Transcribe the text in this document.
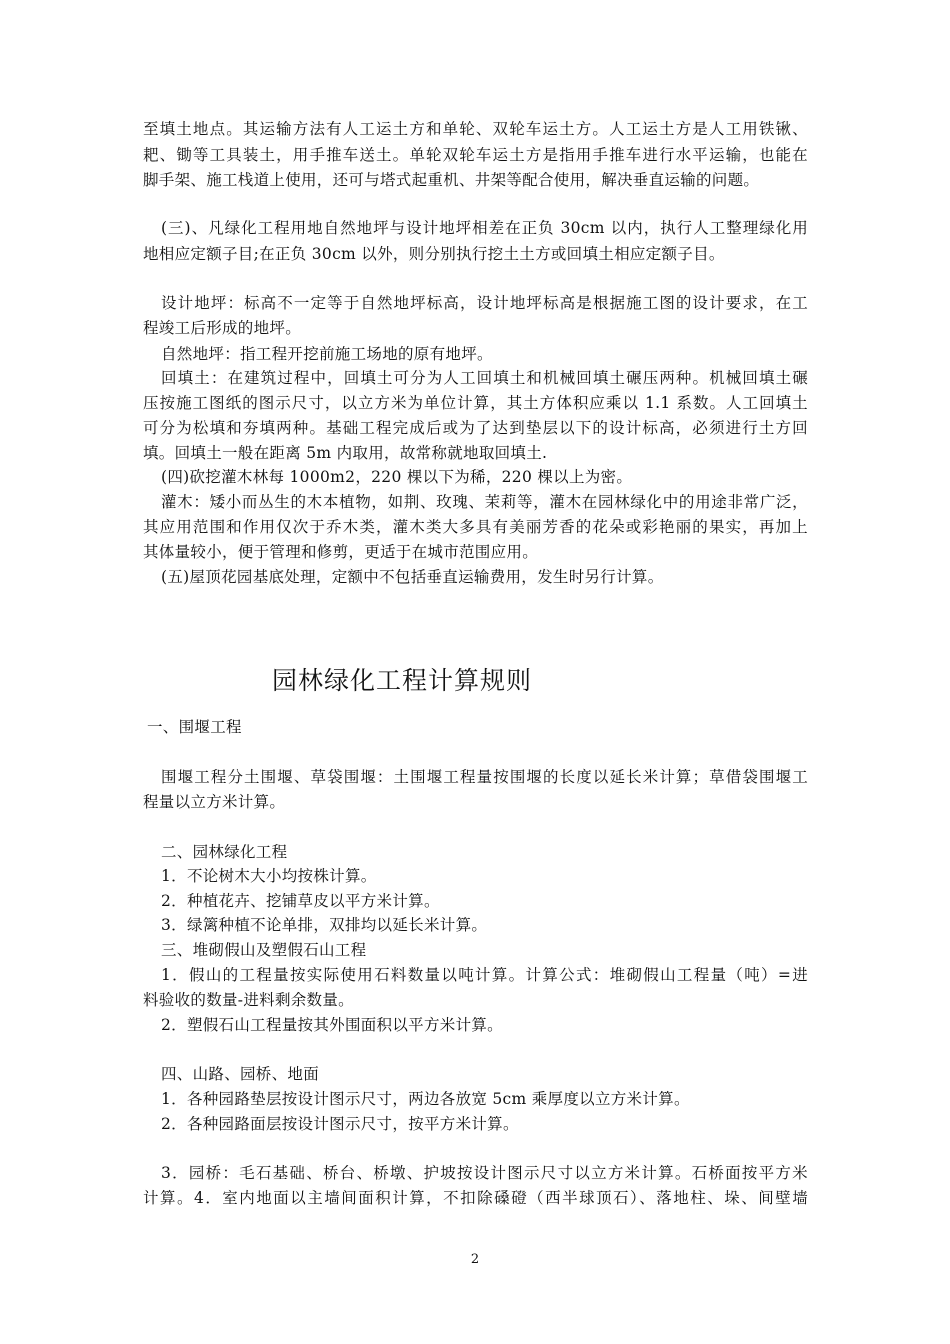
至填土地点。其运输方法有人工运土方和单轮、双轮车运土方。人工运土方是人工用铁锹、
耙、锄等工具装土，用手推车送土。单轮双轮车运土方是指用手推车进行水平运输，也能在
脚手架、施工栈道上使用，还可与塔式起重机、井架等配合使用，解决垂直运输的问题。
(三)、凡绿化工程用地自然地坪与设计地坪相差在正负 30cm 以内，执行人工整理绿化用
地相应定额子目;在正负 30cm 以外，则分别执行挖土土方或回填土相应定额子目。
设计地坪：标高不一定等于自然地坪标高，设计地坪标高是根据施工图的设计要求，在工
程竣工后形成的地坪。
自然地坪：指工程开挖前施工场地的原有地坪。
回填土：在建筑过程中，回填土可分为人工回填土和机械回填土碾压两种。机械回填土碾
压按施工图纸的图示尺寸，以立方米为单位计算，其土方体积应乘以 1.1 系数。人工回填土
可分为松填和夯填两种。基础工程完成后或为了达到垫层以下的设计标高，必须进行土方回
填。回填土一般在距离 5m 内取用，故常称就地取回填土.
(四)砍挖灌木林每 1000m2，220 棵以下为稀，220 棵以上为密。
灌木：矮小而丛生的木本植物，如荆、玫瑰、茉莉等，灌木在园林绿化中的用途非常广泛，
其应用范围和作用仅次于乔木类，灌木类大多具有美丽芳香的花朵或彩艳丽的果实，再加上
其体量较小，便于管理和修剪，更适于在城市范围应用。
(五)屋顶花园基底处理，定额中不包括垂直运输费用，发生时另行计算。
园林绿化工程计算规则
一、围堰工程
围堰工程分土围堰、草袋围堰：土围堰工程量按围堰的长度以延长米计算；草借袋围堰工
程量以立方米计算。
二、园林绿化工程
1．不论树木大小均按株计算。
2．种植花卉、挖铺草皮以平方米计算。
3．绿篱种植不论单排，双排均以延长米计算。
三、堆砌假山及塑假石山工程
1．假山的工程量按实际使用石料数量以吨计算。计算公式：堆砌假山工程量（吨）=进
料验收的数量-进料剩余数量。
2．塑假石山工程量按其外围面积以平方米计算。
四、山路、园桥、地面
1．各种园路垫层按设计图示尺寸，两边各放宽 5cm 乘厚度以立方米计算。
2．各种园路面层按设计图示尺寸，按平方米计算。
3．园桥：毛石基础、桥台、桥墩、护坡按设计图示尺寸以立方米计算。石桥面按平方米
计算。4．室内地面以主墙间面积计算，不扣除磉磴（西半球顶石）、落地柱、垛、间壁墙
2
